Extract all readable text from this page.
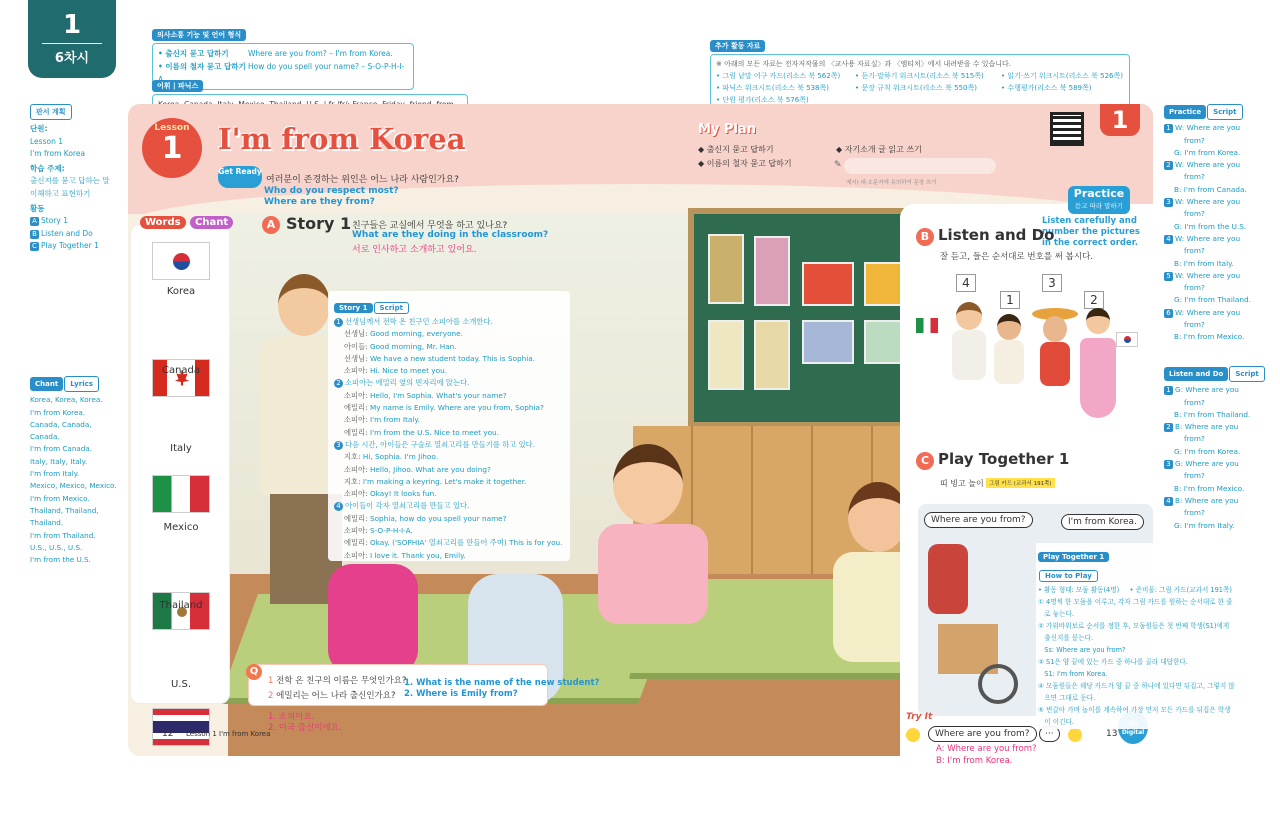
1
6차시
의사소통 기능 및 언어 형식
• 출신지 묻고 답하기	Where are you from? – I'm from Korea.
• 이름의 철자 묻고 답하기 How do you spell your name? – S-O-P-H-I-
어휘 | 파닉스
추가 활동 자료
※ 아래의 모든 자료는 전자저작물의 〈교사용 자료실〉과 〈엠티처〉에서 내려받을 수 있습니다.
• 그림 낱말 어구 카드(리소스 북 562쪽)
• 파닉스 워크시트(리소스 북 538쪽)
• 단원 평가(리소스 북 576쪽)
• 듣기·말하기 워크시트(리소스 북 515쪽)
• 문장 규칙 워크시트(리소스 북 550쪽)
• 읽기·쓰기 워크시트(리소스 북 526쪽)
• 수행평가(리소스 북 589쪽)
판서 계획
단원:
Lesson 1
I'm from Korea
학습 주제:
출신지를 묻고 답하는 말
이해하고 표현하기
활동
A Story 1
B Listen and Do
C Play Together 1
Chant Lyrics
Korea, Korea, Korea.
I'm from Korea.
Canada, Canada,
Canada.
I'm from Canada.
Italy, Italy, Italy.
I'm from Italy.
Mexico, Mexico, Mexico.
I'm from Mexico.
Thailand, Thailand,
Thailand.
I'm from Thailand.
U.S., U.S., U.S.
I'm from the U.S.
Practice Script
1 W: Where are you
from?
G: I'm from Korea.
2 W: Where are you
from?
B: I'm from Canada.
3 W: Where are you
from?
G: I'm from the U.S.
4 W: Where are you
from?
B: I'm from Italy.
5 W: Where are you
from?
G: I'm from Thailand.
6 W: Where are you
from?
B: I'm from Mexico.
Listen and Do Script
1 G: Where are you
from?
B: I'm from Thailand.
2 B: Where are you
from?
G: I'm from Korea.
3 G: Where are you
from?
B: I'm from Mexico.
4 B: Where are you
from?
G: I'm from Italy.
Lesson
1	I'm from Korea
1
Get Ready
여러분이 존경하는 위인은 어느 나라 사람인가요?
Who do you respect most?
Where are they from?
My Plan
◆ 출신지 묻고 답하기
◆ 이름의 철자 묻고 답하기
◆ 자기소개 글 읽고 쓰기
✎
예시) 대·소문자에 유의하여 문장 쓰기
Words	Chant
Korea
Canada
Italy
Mexico
Thailand
U.S.
A Story 1 친구들은 교실에서 무엇을 하고 있나요?
What are they doing in the classroom?
서로 인사하고 소개하고 있어요.
Story 1 Script
1 선생님께서 전학 온 친구인 소피아를 소개한다.
선생님: Good morning, everyone.
아이들: Good morning, Mr. Han.
선생님: We have a new student today. This is Sophia.
소피아: Hi. Nice to meet you.
2 소피아는 에밀리 옆의 빈자리에 앉는다.
소피아: Hello, I'm Sophia. What's your name?
에밀리: My name is Emily. Where are you from, Sophia?
소피아: I'm from Italy.
에밀리: I'm from the U.S. Nice to meet you.
3 다음 시간, 아이들은 구슬로 열쇠고리를 만들기를 하고 있다.
지호: Hi, Sophia. I'm Jihoo.
소피아: Hello, Jihoo. What are you doing?
지호: I'm making a keyring. Let's make it together.
소피아: Okay! It looks fun.
4 아이들이 각자 열쇠고리를 만들고 있다.
에밀리: Sophia, how do you spell your name?
소피아: S-O-P-H-I-A.
에밀리: Okay. ('SOPHIA' 열쇠고리를 만들어 주며) This is for you.
소피아: I love it. Thank you, Emily.
Q
1 전학 온 친구의 이름은 무엇인가요?
2 에밀리는 어느 나라 출신인가요?
1. What is the name of the new student?
2. Where is Emily from?
1. 소피아요.
2. 미국 출신이에요.
12 Lesson 1 I'm from Korea
Practice
듣고 따라 말하기
Listen carefully and number the pictures in the correct order.
B Listen and Do
잘 듣고, 들은 순서대로 번호를 써 봅시다.
4
1
3
2
C Play Together 1
띠 빙고 놀이 그림 카드 (교과서 191쪽)
Where are you from?	I'm from Korea.
Try It
Where are you from?	···	13 Digital
Play Together 1How to Play
• 활동 형태: 모둠 활동(4명)     • 준비물: 그림 카드(교과서 191쪽)
① 4명씩 한 모둠을 이루고, 각자 그림 카드를 원하는 순서대로 한 줄
로 놓는다.
② 가위바위보로 순서를 정한 후, 모둠원들은 첫 번째 학생(S1)에게
출신지를 묻는다.
Ss: Where are you from?
③ S1은 양 끝에 있는 카드 중 하나를 골라 대답한다.
S1: I'm from Korea.
④ 모둠원들은 해당 카드가 양 끝 중 하나에 있다면 뒤집고, 그렇지 않
으면 그대로 둔다.
⑤ 번갈아 가며 놀이를 계속하여 가장 먼저 모든 카드를 뒤집은 학생
이 이긴다.
A: Where are you from?
B: I'm from Korea.
